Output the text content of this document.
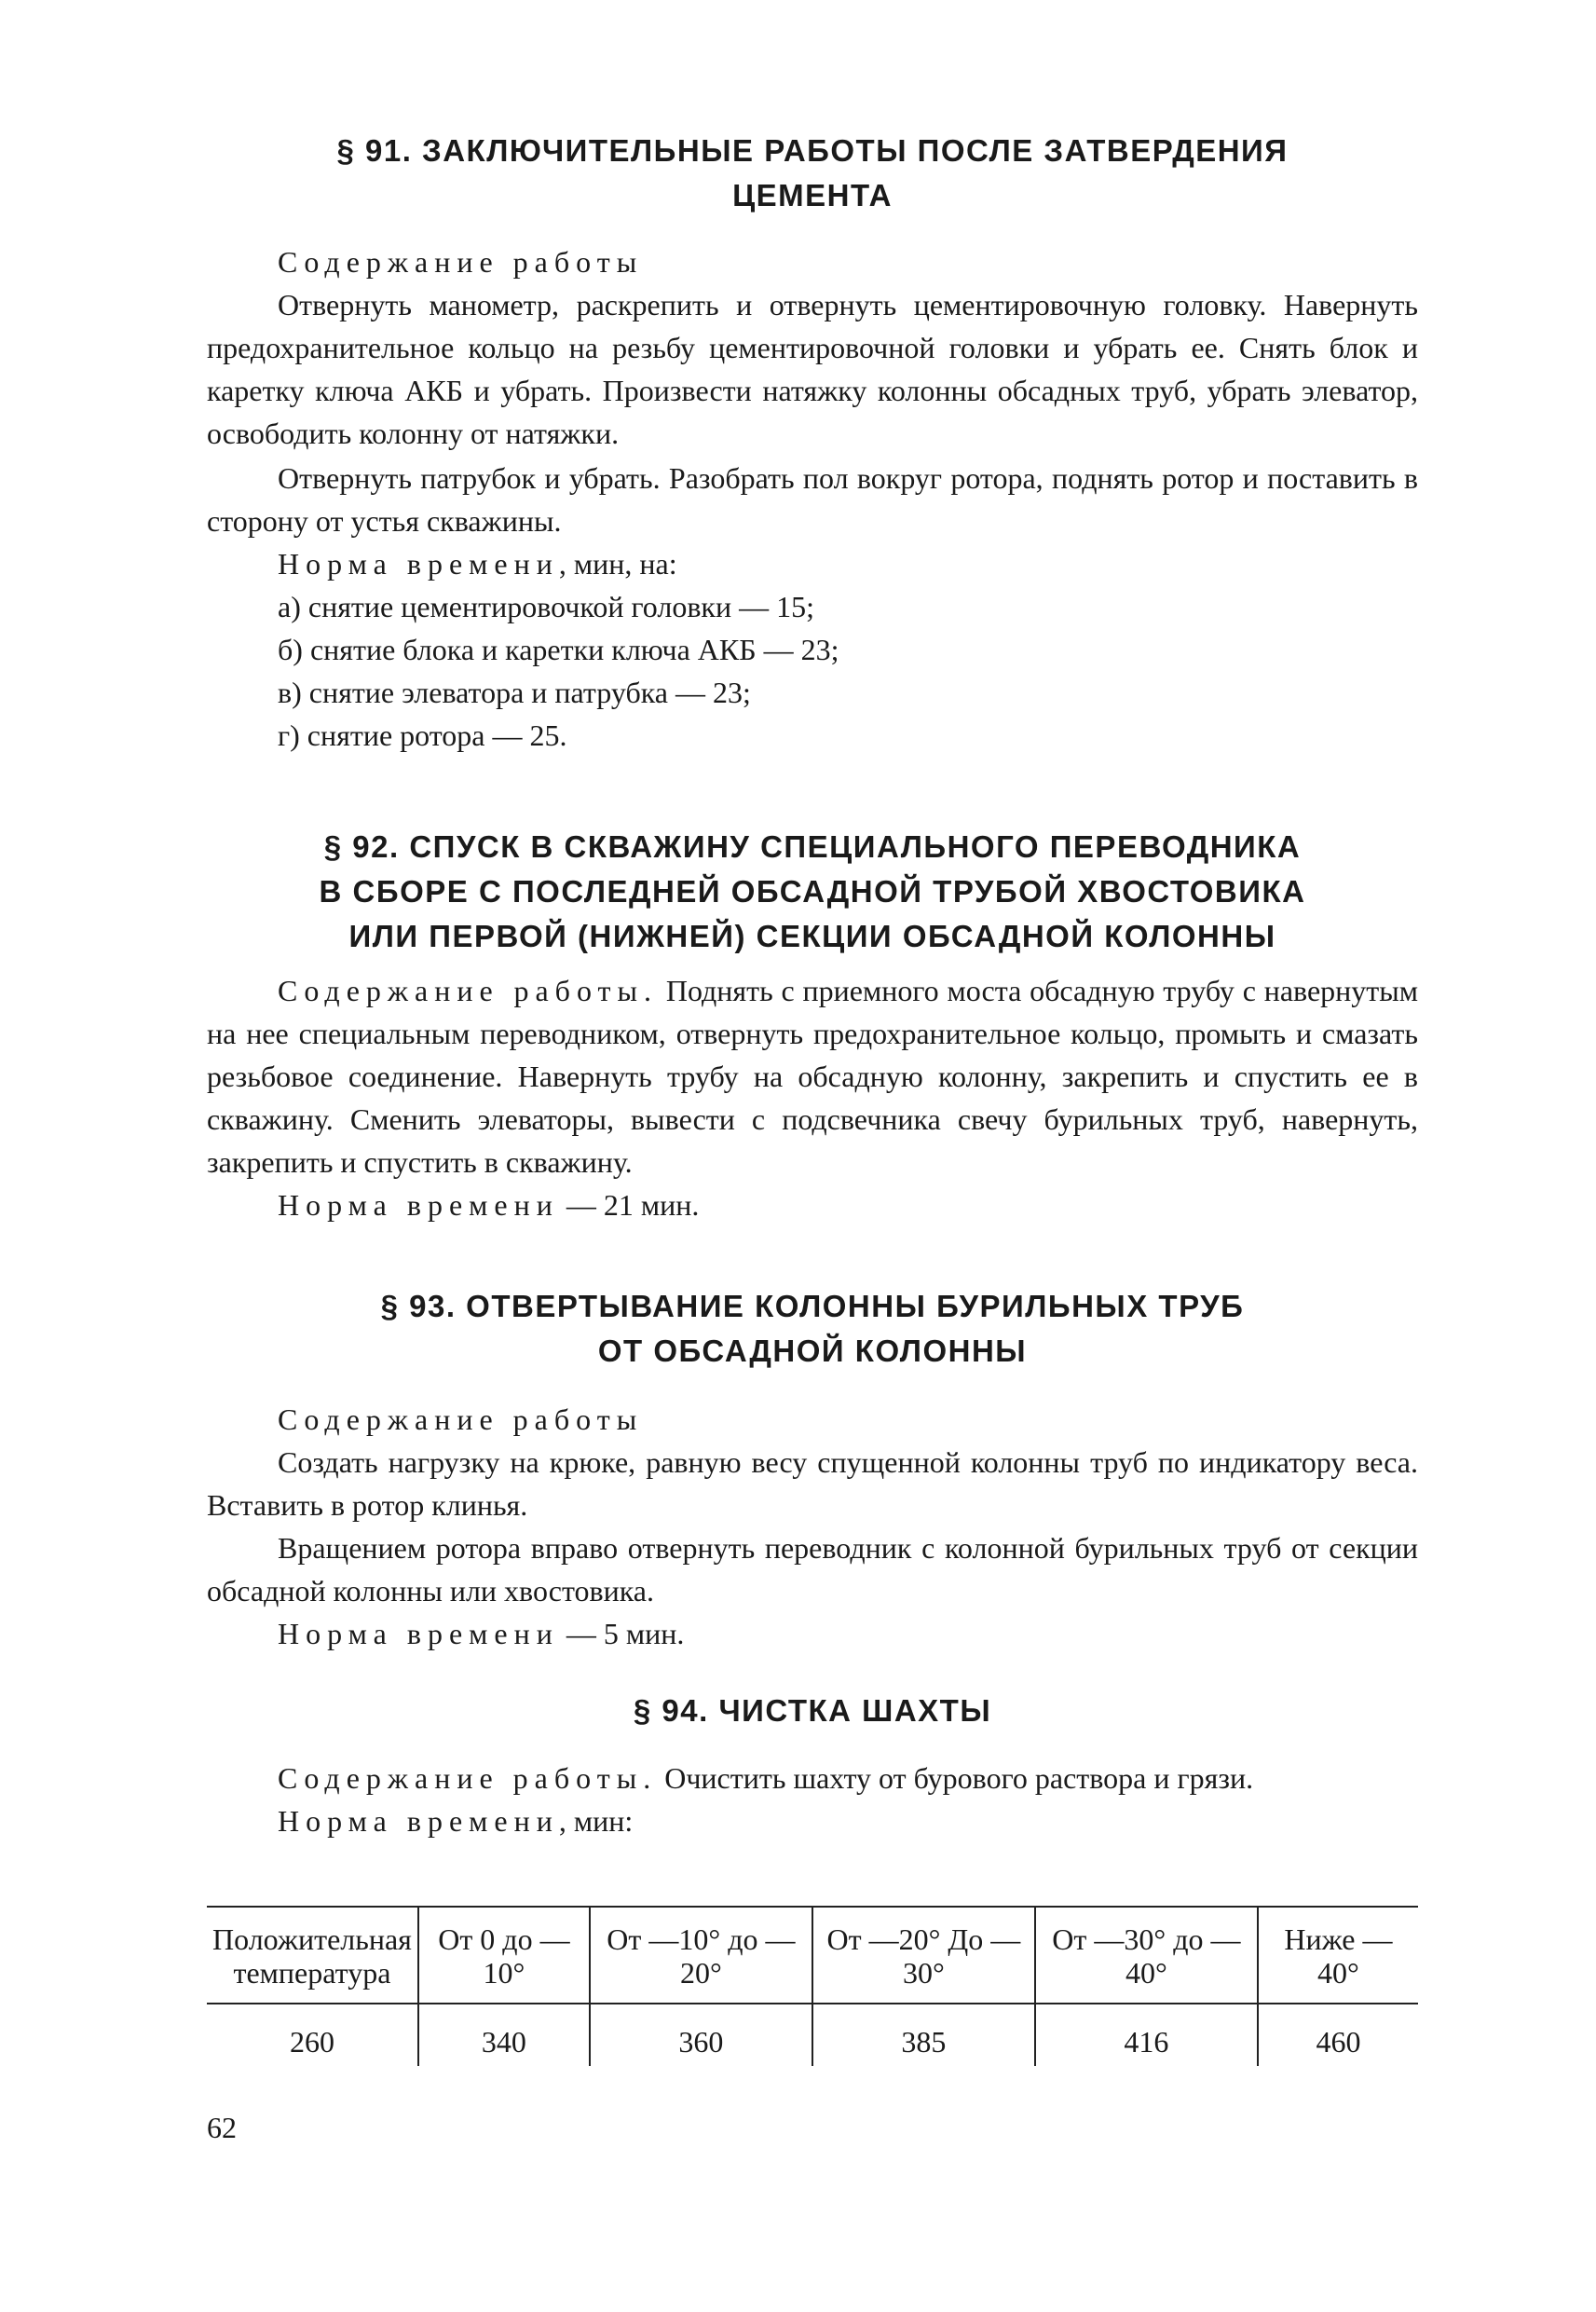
§ 91. ЗАКЛЮЧИТЕЛЬНЫЕ РАБОТЫ ПОСЛЕ ЗАТВЕРДЕНИЯ
ЦЕМЕНТА

Содержание работы

Отвернуть манометр, раскрепить и отвернуть цементировочную головку. Навернуть предохранительное кольцо на резьбу цементировочной головки и убрать ее. Снять блок и каретку ключа АКБ и убрать. Произвести натяжку колонны обсадных труб, убрать элеватор, освободить колонну от натяжки.

Отвернуть патрубок и убрать. Разобрать пол вокруг ротора, поднять ротор и поставить в сторону от устья скважины.

Норма времени, мин, на:

а) снятие цементировочкой головки — 15;
б) снятие блока и каретки ключа АКБ — 23;
в) снятие элеватора и патрубка — 23;
г) снятие ротора — 25.
§ 92. СПУСК В СКВАЖИНУ СПЕЦИАЛЬНОГО ПЕРЕВОДНИКА
В СБОРЕ С ПОСЛЕДНЕЙ ОБСАДНОЙ ТРУБОЙ ХВОСТОВИКА
ИЛИ ПЕРВОЙ (НИЖНЕЙ) СЕКЦИИ ОБСАДНОЙ КОЛОННЫ

Содержание работы. Поднять с приемного моста обсадную трубу с навернутым на нее специальным переводником, отвернуть предохранительное кольцо, промыть и смазать резьбовое соединение. Навернуть трубу на обсадную колонну, закрепить и спустить ее в скважину. Сменить элеваторы, вывести с подсвечника свечу бурильных труб, навернуть, закрепить и спустить в скважину.

Норма времени — 21 мин.

§ 93. ОТВЕРТЫВАНИЕ КОЛОННЫ БУРИЛЬНЫХ ТРУБ
ОТ ОБСАДНОЙ КОЛОННЫ

Содержание работы

Создать нагрузку на крюке, равную весу спущенной колонны труб по индикатору веса. Вставить в ротор клинья.

Вращением ротора вправо отвернуть переводник с колонной бурильных труб от секции обсадной колонны или хвостовика.

Норма времени — 5 мин.

§ 94. ЧИСТКА ШАХТЫ

Содержание работы. Очистить шахту от бурового раствора и грязи.

Норма времени, мин:

Положительная температура	От 0 до —10°	От —10° до —20°	От —20° До —30°	От —30° до —40°	Ниже —40°
260	340	360	385	416	460
62
